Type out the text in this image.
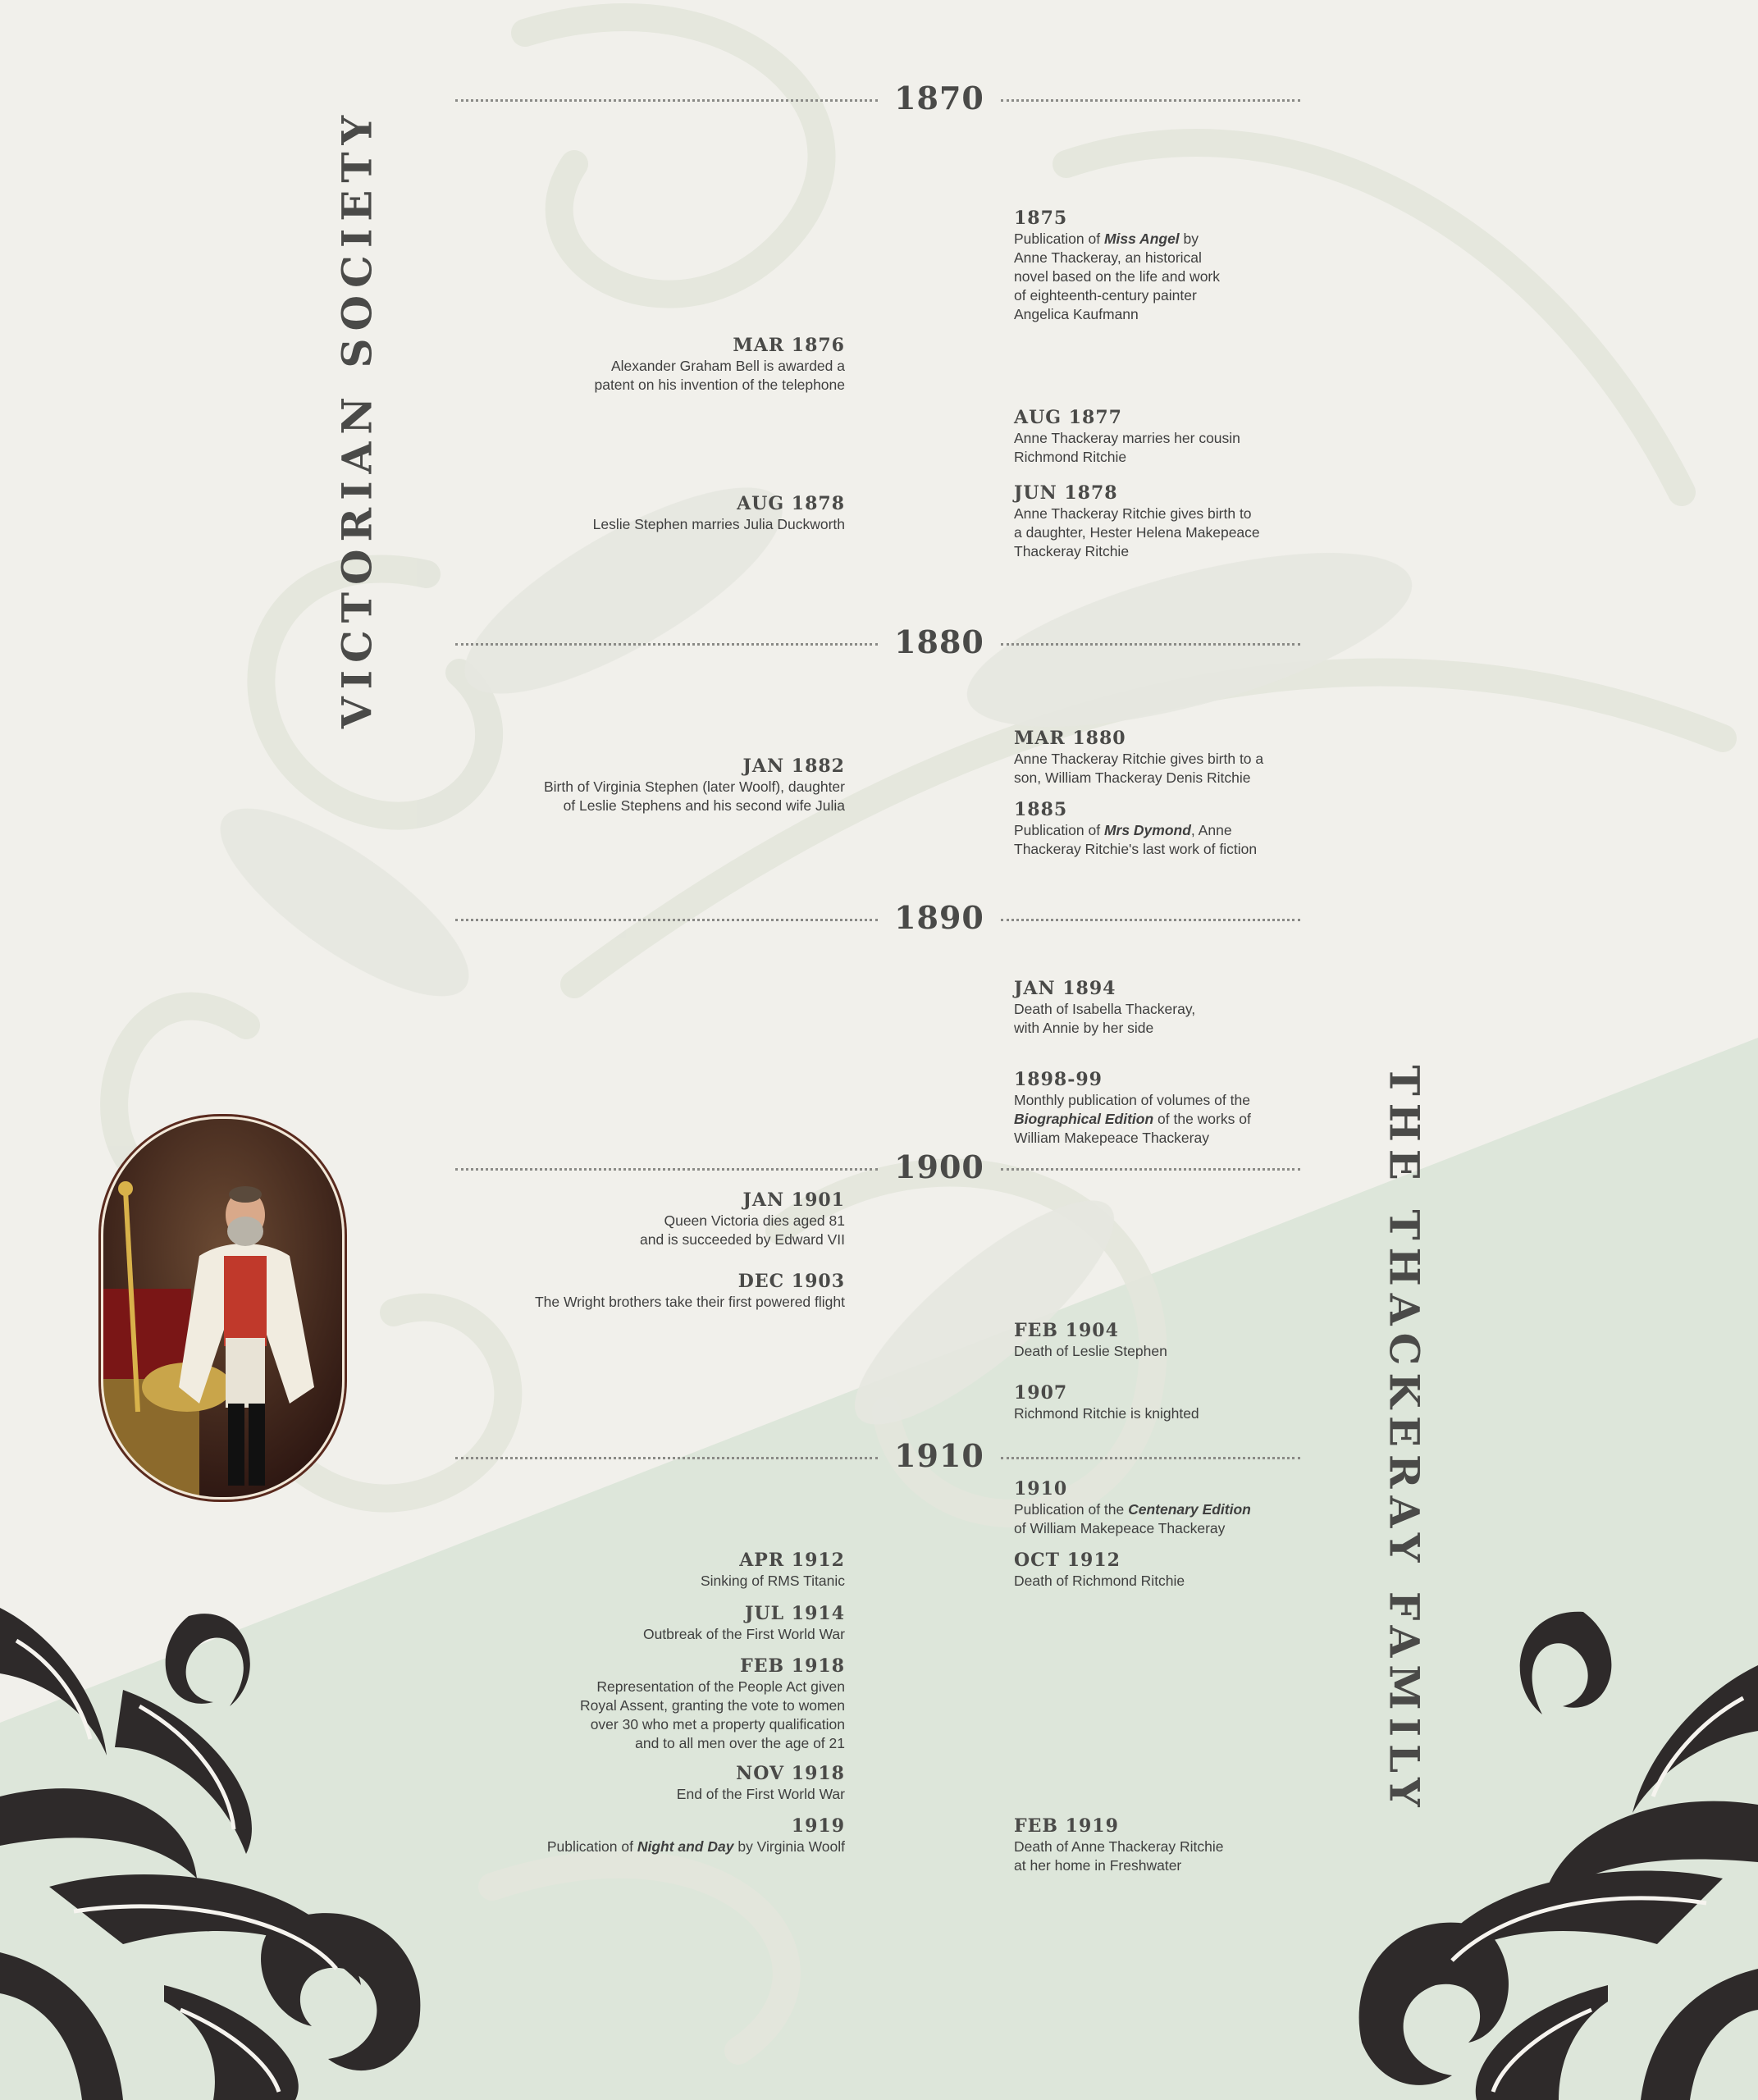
VICTORIAN SOCIETY
THE THACKERAY FAMILY
1870
1880
1890
1900
1910
MAR 1876
Alexander Graham Bell is awarded a
patent on his invention of the telephone
AUG 1878
Leslie Stephen marries Julia Duckworth
JAN 1882
Birth of Virginia Stephen (later Woolf), daughter
of Leslie Stephens and his second wife Julia
JAN 1901
Queen Victoria dies aged 81
and is succeeded by Edward VII
DEC 1903
The Wright brothers take their first powered flight
APR 1912
Sinking of RMS Titanic
JUL 1914
Outbreak of the First World War
FEB 1918
Representation of the People Act given
Royal Assent, granting the vote to women
over 30 who met a property qualification
and to all men over the age of 21
NOV 1918
End of the First World War
1919
Publication of Night and Day by Virginia Woolf
1875
Publication of Miss Angel by
Anne Thackeray, an historical
novel based on the life and work
of eighteenth-century painter
Angelica Kaufmann
AUG 1877
Anne Thackeray marries her cousin
Richmond Ritchie
JUN 1878
Anne Thackeray Ritchie gives birth to
a daughter, Hester Helena Makepeace
Thackeray Ritchie
MAR 1880
Anne Thackeray Ritchie gives birth to a
son, William Thackeray Denis Ritchie
1885
Publication of Mrs Dymond, Anne
Thackeray Ritchie's last work of fiction
JAN 1894
Death of Isabella Thackeray,
with Annie by her side
1898-99
Monthly publication of volumes of the
Biographical Edition of the works of
William Makepeace Thackeray
FEB 1904
Death of Leslie Stephen
1907
Richmond Ritchie is knighted
1910
Publication of the Centenary Edition
of William Makepeace Thackeray
OCT 1912
Death of Richmond Ritchie
FEB 1919
Death of Anne Thackeray Ritchie
at her home in Freshwater
